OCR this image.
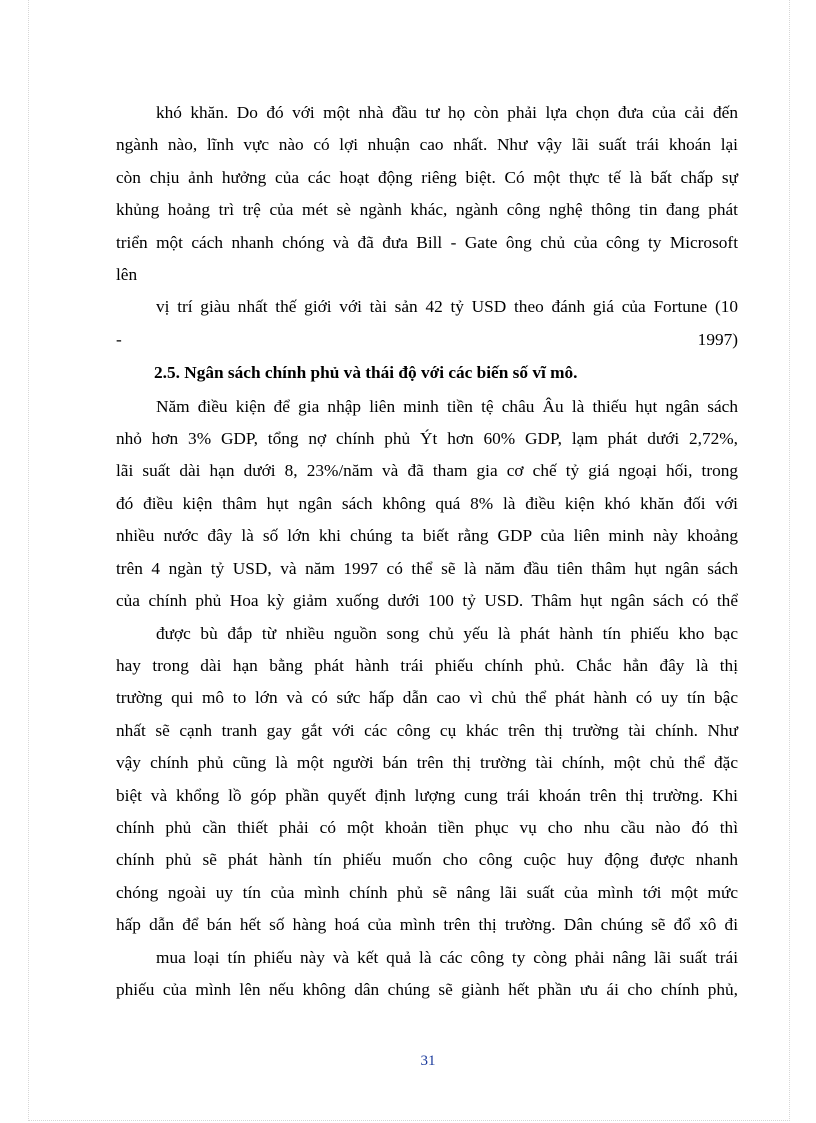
khó khăn. Do đó với một nhà đầu tư họ còn phải lựa chọn đưa của cải đến
ngành nào, lĩnh vực nào có lợi nhuận cao nhất. Như vậy lãi suất trái khoán lại
còn chịu ảnh hưởng của các hoạt động riêng biệt. Có một thực tế là bất chấp sự
khủng hoảng trì trệ của mét sè ngành khác, ngành công nghệ thông tin đang phát
triển một cách nhanh chóng và đã đưa Bill - Gate ông chủ của công ty Microsoft
lên
vị trí giàu nhất thế giới với tài sản 42 tỷ USD theo đánh giá của Fortune (10
-	1997)
2.5. Ngân sách chính phủ và thái độ với các biến số vĩ mô.
Năm điều kiện để gia nhập liên minh tiền tệ châu Âu là thiếu hụt ngân sách
nhỏ hơn 3% GDP, tổng nợ chính phủ Ýt hơn 60% GDP, lạm phát dưới 2,72%,
lãi suất dài hạn dưới 8, 23%/năm và đã tham gia cơ chế tỷ giá ngoại hối, trong
đó điều kiện thâm hụt ngân sách không quá 8% là điều kiện khó khăn đối với
nhiều nước đây là số lớn khi chúng ta biết rằng GDP của liên minh này khoảng
trên 4 ngàn tỷ USD, và năm 1997 có thể sẽ là năm đầu tiên thâm hụt ngân sách
của chính phủ Hoa kỳ giảm xuống dưới 100 tỷ USD. Thâm hụt ngân sách có thể
được bù đắp từ nhiều nguồn song chủ yếu là phát hành tín phiếu kho bạc
hay trong dài hạn bằng phát hành trái phiếu chính phủ. Chắc hẳn đây là thị
trường qui mô to lớn và có sức hấp dẫn cao vì chủ thể phát hành có uy tín bậc
nhất sẽ cạnh tranh gay gắt với các công cụ khác trên thị trường tài chính. Như
vậy chính phủ cũng là một người bán trên thị trường tài chính, một chủ thể đặc
biệt và khổng lồ góp phần quyết định lượng cung trái khoán trên thị trường. Khi
chính phủ cần thiết phải có một khoản tiền phục vụ cho nhu cầu nào đó thì
chính phủ sẽ phát hành tín phiếu muốn cho công cuộc huy động được nhanh
chóng ngoài uy tín của mình chính phủ sẽ nâng lãi suất của mình tới một mức
hấp dẫn để bán hết số hàng hoá của mình trên thị trường. Dân chúng sẽ đổ xô đi
mua loại tín phiếu này và kết quả là các công ty còng phải nâng lãi suất trái
phiếu của mình lên nếu không dân chúng sẽ giành hết phần ưu ái cho chính phủ,
31
